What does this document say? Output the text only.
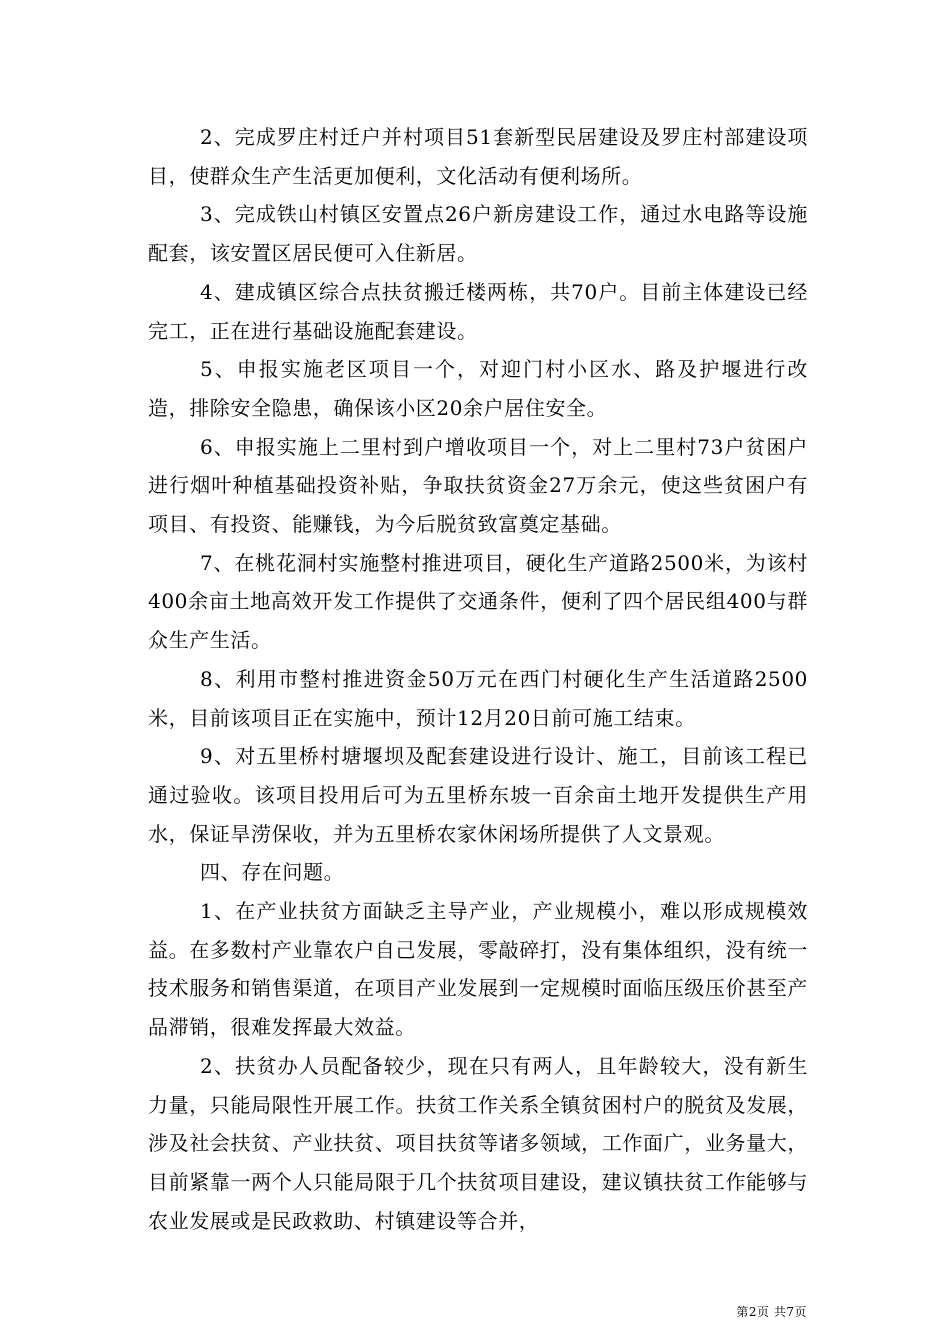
2、完成罗庄村迁户并村项目51套新型民居建设及罗庄村部建设项目，使群众生产生活更加便利，文化活动有便利场所。

3、完成铁山村镇区安置点26户新房建设工作，通过水电路等设施配套，该安置区居民便可入住新居。

4、建成镇区综合点扶贫搬迁楼两栋，共70户。目前主体建设已经完工，正在进行基础设施配套建设。

5、申报实施老区项目一个，对迎门村小区水、路及护堰进行改造，排除安全隐患，确保该小区20余户居住安全。

6、申报实施上二里村到户增收项目一个，对上二里村73户贫困户进行烟叶种植基础投资补贴，争取扶贫资金27万余元，使这些贫困户有项目、有投资、能赚钱，为今后脱贫致富奠定基础。

7、在桃花洞村实施整村推进项目，硬化生产道路2500米，为该村400余亩土地高效开发工作提供了交通条件，便利了四个居民组400与群众生产生活。

8、利用市整村推进资金50万元在西门村硬化生产生活道路2500米，目前该项目正在实施中，预计12月20日前可施工结束。

9、对五里桥村塘堰坝及配套建设进行设计、施工，目前该工程已通过验收。该项目投用后可为五里桥东坡一百余亩土地开发提供生产用水，保证旱涝保收，并为五里桥农家休闲场所提供了人文景观。

四、存在问题。

1、在产业扶贫方面缺乏主导产业，产业规模小，难以形成规模效益。在多数村产业靠农户自己发展，零敲碎打，没有集体组织，没有统一技术服务和销售渠道，在项目产业发展到一定规模时面临压级压价甚至产品滞销，很难发挥最大效益。

2、扶贫办人员配备较少，现在只有两人，且年龄较大，没有新生力量，只能局限性开展工作。扶贫工作关系全镇贫困村户的脱贫及发展，涉及社会扶贫、产业扶贫、项目扶贫等诸多领域，工作面广，业务量大，目前紧靠一两个人只能局限于几个扶贫项目建设，建议镇扶贫工作能够与农业发展或是民政救助、村镇建设等合并，

第2页 共7页
